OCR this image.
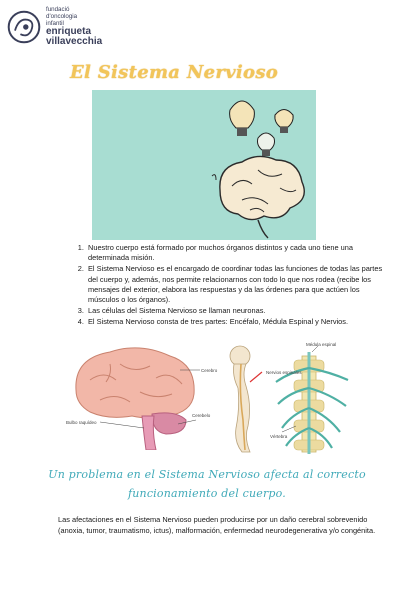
fundació
d'oncologia
infantil
enriqueta
villavecchia
El Sistema Nervioso
1. Nuestro cuerpo está formado por muchos órganos distintos y cada uno tiene una determinada misión.
2. El Sistema Nervioso es el encargado de coordinar todas las funciones de todas las partes del cuerpo y, además, nos permite relacionarnos con todo lo que nos rodea (recibe los mensajes del exterior, elabora las respuestas y da las órdenes para que actúen los músculos o los órganos).
3. Las células del Sistema Nervioso se llaman neuronas.
4. El Sistema Nervioso consta de tres partes: Encéfalo, Médula Espinal y Nervios.
Cerebro
Cerebelo
Bulbo raquídeo
Médula espinal
Nervios espinales
Vértebra
Un problema en el Sistema Nervioso afecta al correcto funcionamiento del cuerpo.
Las afectaciones en el Sistema Nervioso pueden producirse por un daño cerebral sobrevenido (anoxia, tumor, traumatismo, ictus), malformación, enfermedad neurodegenerativa y/o congénita.
